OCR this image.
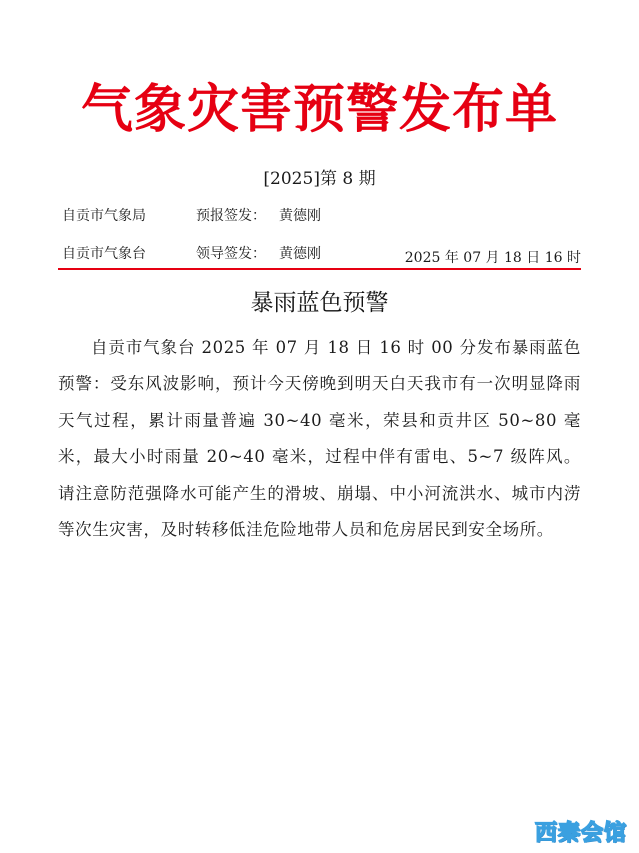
气象灾害预警发布单
[2025]第 8 期
自贡市气象局	预报签发： 黄德刚
自贡市气象台	领导签发： 黄德刚	2025 年 07 月 18 日 16 时
暴雨蓝色预警
自贡市气象台 2025 年 07 月 18 日 16 时 00 分发布暴雨蓝色预警：受东风波影响，预计今天傍晚到明天白天我市有一次明显降雨天气过程，累计雨量普遍 30~40 毫米，荣县和贡井区 50~80 毫米，最大小时雨量 20~40 毫米，过程中伴有雷电、5~7 级阵风。请注意防范强降水可能产生的滑坡、崩塌、中小河流洪水、城市内涝等次生灾害，及时转移低洼危险地带人员和危房居民到安全场所。
西秦会馆
